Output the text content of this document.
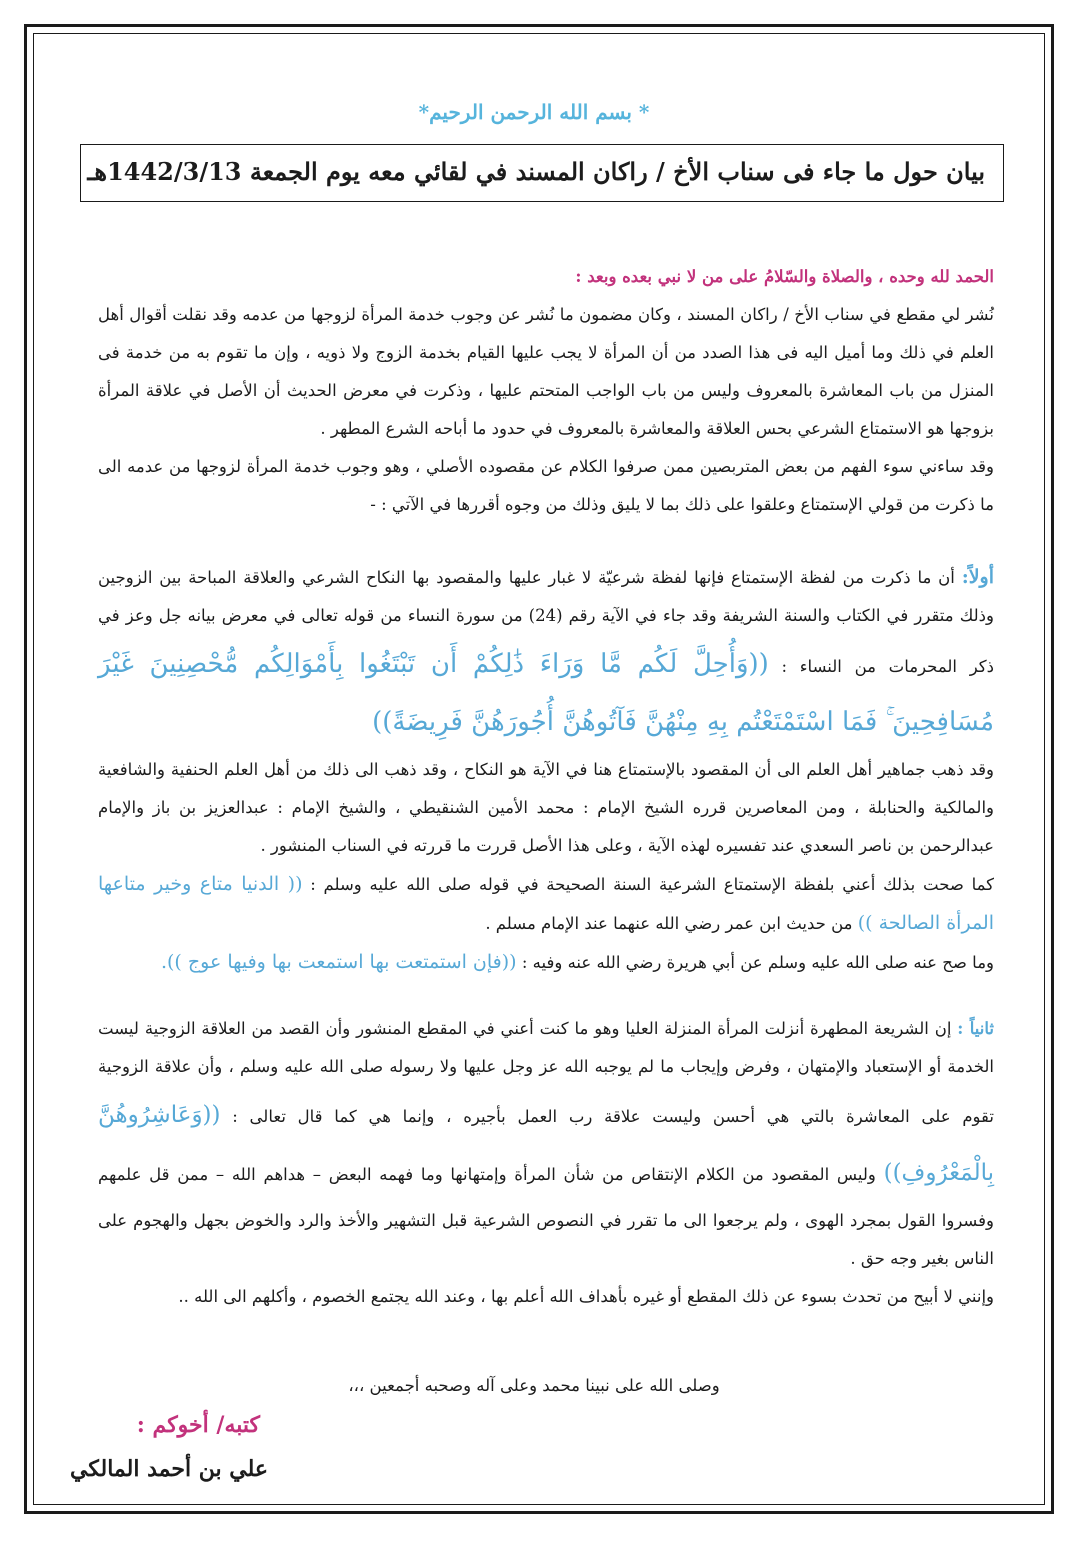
* بسم الله الرحمن الرحيم*
بيان حول ما جاء فى سناب الأخ / راكان المسند في لقائي معه يوم الجمعة 1442/3/13هـ

الحمد لله وحده ، والصلاة والسّلامُ على من لا نبي بعده وبعد :

نُشر لي مقطع في سناب الأخ / راكان المسند ، وكان مضمون ما نُشر عن وجوب خدمة المرأة لزوجها من عدمه وقد نقلت أقوال أهل العلم في ذلك وما أميل اليه فى هذا الصدد من أن المرأة لا يجب عليها القيام بخدمة الزوج ولا ذويه ، وإن ما تقوم به من خدمة فى المنزل من باب المعاشرة بالمعروف وليس من باب الواجب المتحتم عليها ، وذكرت في معرض الحديث أن الأصل في علاقة المرأة بزوجها هو الاستمتاع الشرعي بحس العلاقة والمعاشرة بالمعروف في حدود ما أباحه الشرع المطهر .

وقد ساءني سوء الفهم من بعض المتربصين ممن صرفوا الكلام عن مقصوده الأصلي ، وهو وجوب خدمة المرأة لزوجها من عدمه الى ما ذكرت من قولي الإستمتاع وعلقوا على ذلك بما لا يليق وذلك من وجوه أقررها في الآتي : -

أولاً: أن ما ذكرت من لفظة الإستمتاع فإنها لفظة شرعيّة لا غبار عليها والمقصود بها النكاح الشرعي والعلاقة المباحة بين الزوجين وذلك متقرر في الكتاب والسنة الشريفة وقد جاء في الآية رقم (24) من سورة النساء من قوله تعالى في معرض بيانه جل وعز في ذكر المحرمات من النساء : ((وَأُحِلَّ لَكُم مَّا وَرَاءَ ذَٰلِكُمْ أَن تَبْتَغُوا بِأَمْوَالِكُم مُّحْصِنِينَ غَيْرَ مُسَافِحِينَ ۚ فَمَا اسْتَمْتَعْتُم بِهِ مِنْهُنَّ فَآتُوهُنَّ أُجُورَهُنَّ فَرِيضَةً))

وقد ذهب جماهير أهل العلم الى أن المقصود بالإستمتاع هنا في الآية هو النكاح ، وقد ذهب الى ذلك من أهل العلم الحنفية والشافعية والمالكية والحنابلة ، ومن المعاصرين قرره الشيخ الإمام : محمد الأمين الشنقيطي ، والشيخ الإمام : عبدالعزيز بن باز والإمام عبدالرحمن بن ناصر السعدي عند تفسيره لهذه الآية ، وعلى هذا الأصل قررت ما قررته في السناب المنشور .

كما صحت بذلك أعني بلفظة الإستمتاع الشرعية السنة الصحيحة في قوله صلى الله عليه وسلم : (( الدنيا متاع وخير متاعها المرأة الصالحة )) من حديث ابن عمر رضي الله عنهما عند الإمام مسلم .

وما صح عنه صلى الله عليه وسلم عن أبي هريرة رضي الله عنه وفيه : ((فإن استمتعت بها استمعت بها وفيها عوج )).

ثانياً : إن الشريعة المطهرة أنزلت المرأة المنزلة العليا وهو ما كنت أعني في المقطع المنشور وأن القصد من العلاقة الزوجية ليست الخدمة أو الإستعباد والإمتهان ، وفرض وإيجاب ما لم يوجبه الله عز وجل عليها ولا رسوله صلى الله عليه وسلم ، وأن علاقة الزوجية تقوم على المعاشرة بالتي هي أحسن وليست علاقة رب العمل بأجيره ، وإنما هي كما قال تعالى : ((وَعَاشِرُوهُنَّ بِالْمَعْرُوفِ)) وليس المقصود من الكلام الإنتقاص من شأن المرأة وإمتهانها وما فهمه البعض – هداهم الله – ممن قل علمهم وفسروا القول بمجرد الهوى ، ولم يرجعوا الى ما تقرر في النصوص الشرعية قبل التشهير والأخذ والرد والخوض بجهل والهجوم على الناس بغير وجه حق .

وإنني لا أبيح من تحدث بسوء عن ذلك المقطع أو غيره بأهداف الله أعلم بها ، وعند الله يجتمع الخصوم ، وأكلهم الى الله ..

وصلى الله على نبينا محمد وعلى آله وصحبه أجمعين ،،،
كتبه/ أخوكم :
علي بن أحمد المالكي
